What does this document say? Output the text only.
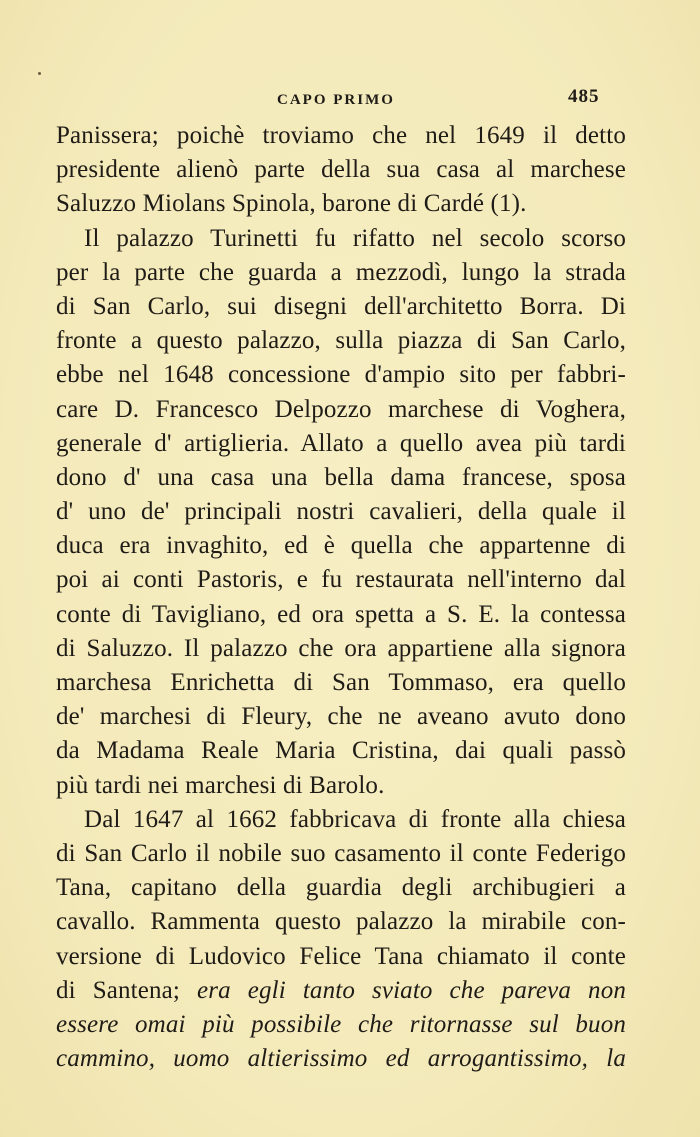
CAPO PRIMO	485
Panissera; poichè troviamo che nel 1649 il detto
presidente alienò parte della sua casa al marchese
Saluzzo Miolans Spinola, barone di Cardé (1).
Il palazzo Turinetti fu rifatto nel secolo scorso
per la parte che guarda a mezzodì, lungo la strada
di San Carlo, sui disegni dell'architetto Borra. Di
fronte a questo palazzo, sulla piazza di San Carlo,
ebbe nel 1648 concessione d'ampio sito per fabbri-
care D. Francesco Delpozzo marchese di Voghera,
generale d' artiglieria. Allato a quello avea più tardi
dono d' una casa una bella dama francese, sposa
d' uno de' principali nostri cavalieri, della quale il
duca era invaghito, ed è quella che appartenne di
poi ai conti Pastoris, e fu restaurata nell'interno dal
conte di Tavigliano, ed ora spetta a S. E. la contessa
di Saluzzo. Il palazzo che ora appartiene alla signora
marchesa Enrichetta di San Tommaso, era quello
de' marchesi di Fleury, che ne aveano avuto dono
da Madama Reale Maria Cristina, dai quali passò
più tardi nei marchesi di Barolo.
Dal 1647 al 1662 fabbricava di fronte alla chiesa
di San Carlo il nobile suo casamento il conte Federigo
Tana, capitano della guardia degli archibugieri a
cavallo. Rammenta questo palazzo la mirabile con-
versione di Ludovico Felice Tana chiamato il conte
di Santena; era egli tanto sviato che pareva non
essere omai più possibile che ritornasse sul buon
cammino, uomo altierissimo ed arrogantissimo, la
